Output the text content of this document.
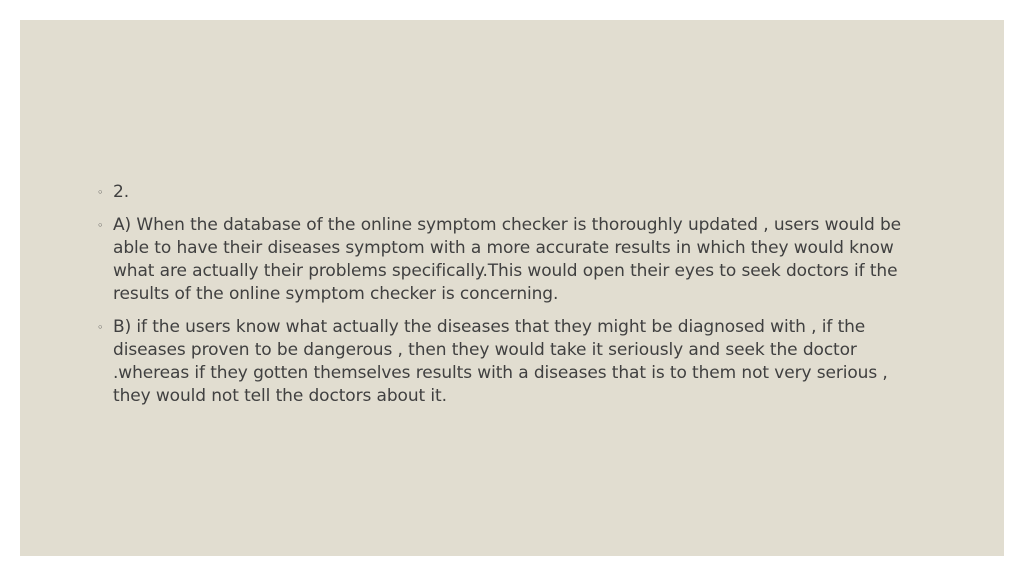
◦ 2.
◦ A) When the database of the online symptom checker is thoroughly updated , users would be able to have their diseases symptom with a more accurate results in which they would know what are actually their problems specifically.This would open their eyes to seek doctors if the results of the online symptom checker is concerning.
◦ B) if the users know what actually the diseases that they might be diagnosed with , if the diseases proven to be dangerous , then they would take it seriously and seek the doctor .whereas if they gotten themselves results with a diseases that is to them not very serious , they would not tell the doctors about it.
